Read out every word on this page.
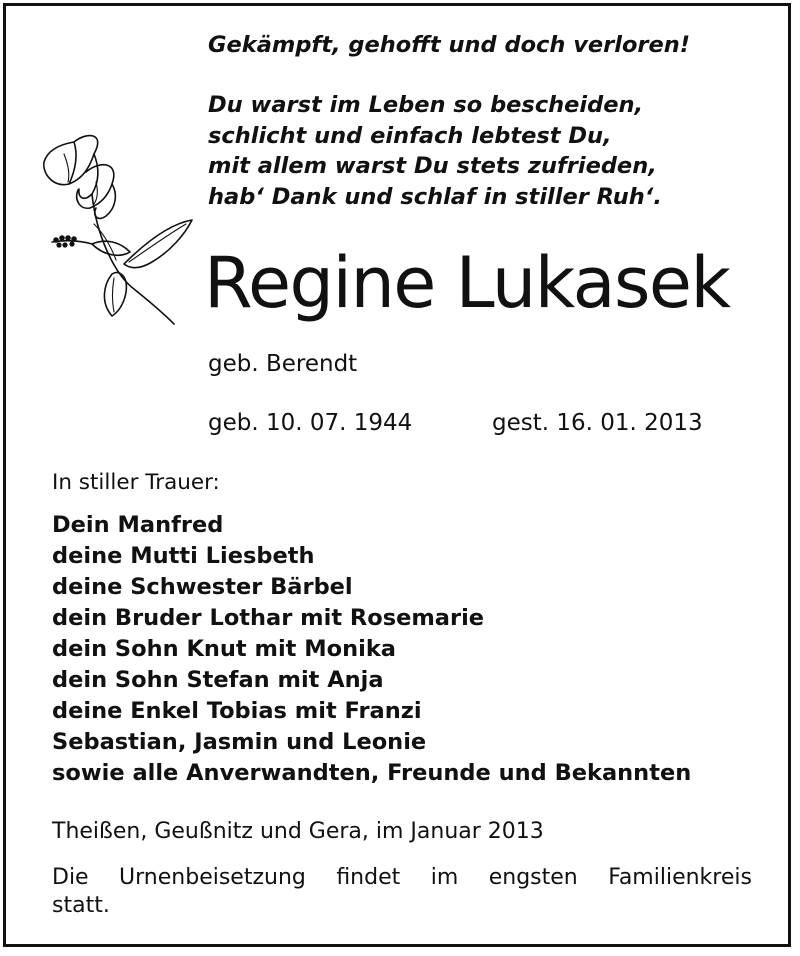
Gekämpft, gehofft und doch verloren!
Du warst im Leben so bescheiden,
schlicht und einfach lebtest Du,
mit allem warst Du stets zufrieden,
hab‘ Dank und schlaf in stiller Ruh‘.
Regine Lukasek
geb. Berendt
geb. 10. 07. 1944	gest. 16. 01. 2013
In stiller Trauer:
Dein Manfred
deine Mutti Liesbeth
deine Schwester Bärbel
dein Bruder Lothar mit Rosemarie
dein Sohn Knut mit Monika
dein Sohn Stefan mit Anja
deine Enkel Tobias mit Franzi
Sebastian, Jasmin und Leonie
sowie alle Anverwandten, Freunde und Bekannten
Theißen, Geußnitz und Gera, im Januar 2013
Die Urnenbeisetzung findet im engsten Familienkreis
statt.
